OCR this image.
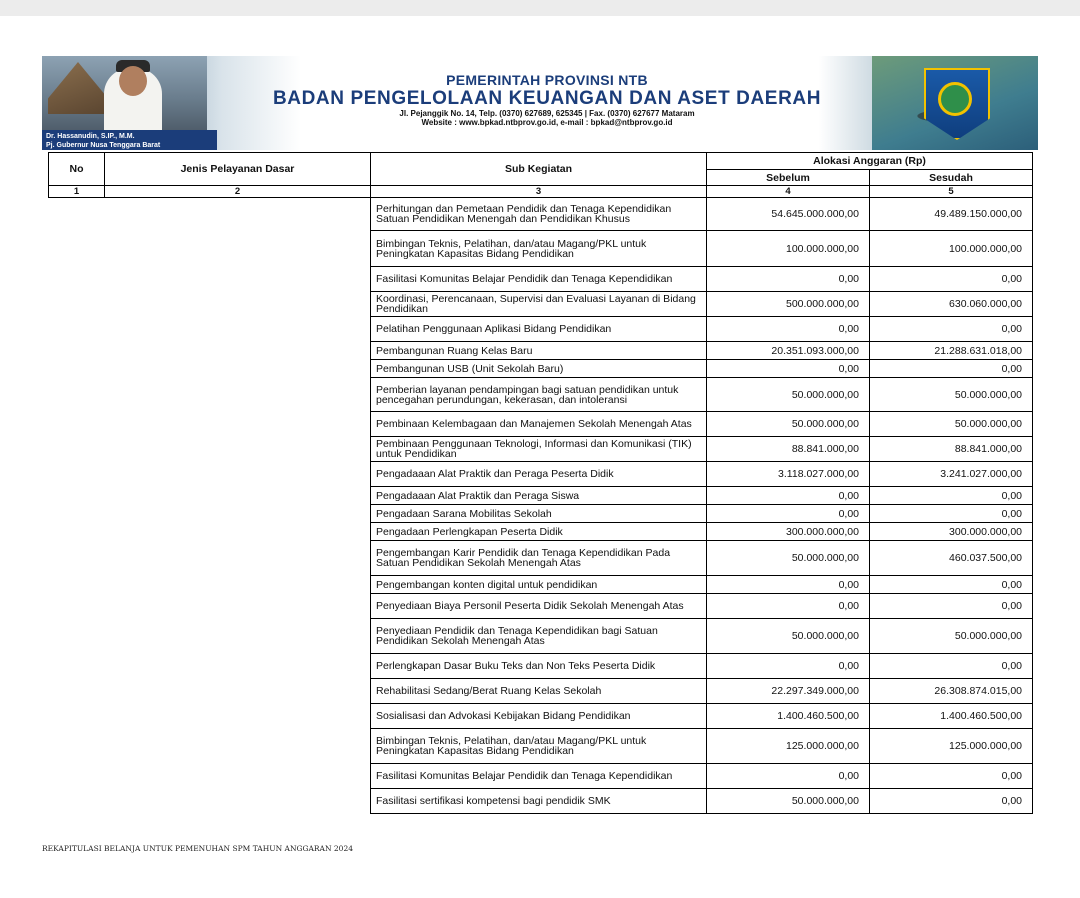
Dr. Hassanudin, S.IP., M.M.
Pj. Gubernur Nusa Tenggara Barat
PEMERINTAH PROVINSI NTB
BADAN PENGELOLAAN KEUANGAN DAN ASET DAERAH
Jl. Pejanggik No. 14, Telp. (0370) 627689, 625345 | Fax. (0370) 627677 Mataram
Website : www.bpkad.ntbprov.go.id, e-mail : bpkad@ntbprov.go.id
No	Jenis Pelayanan Dasar	Sub Kegiatan	Alokasi Anggaran (Rp)	
			Sebelum	Sesudah
1	2	3	4	5
		Perhitungan dan Pemetaan Pendidik dan Tenaga Kependidikan Satuan Pendidikan Menengah dan Pendidikan Khusus	54.645.000.000,00	49.489.150.000,00
		Bimbingan Teknis, Pelatihan, dan/atau Magang/PKL untuk Peningkatan Kapasitas Bidang Pendidikan	100.000.000,00	100.000.000,00
		Fasilitasi Komunitas Belajar Pendidik dan Tenaga Kependidikan	0,00	0,00
		Koordinasi, Perencanaan, Supervisi dan Evaluasi Layanan di Bidang Pendidikan	500.000.000,00	630.060.000,00
		Pelatihan Penggunaan Aplikasi Bidang Pendidikan	0,00	0,00
		Pembangunan Ruang Kelas Baru	20.351.093.000,00	21.288.631.018,00
		Pembangunan USB (Unit Sekolah Baru)	0,00	0,00
		Pemberian layanan pendampingan bagi satuan pendidikan untuk pencegahan perundungan, kekerasan, dan intoleransi	50.000.000,00	50.000.000,00
		Pembinaan Kelembagaan dan Manajemen Sekolah Menengah Atas	50.000.000,00	50.000.000,00
		Pembinaan Penggunaan Teknologi, Informasi dan Komunikasi (TIK) untuk Pendidikan	88.841.000,00	88.841.000,00
		Pengadaaan Alat Praktik dan Peraga Peserta Didik	3.118.027.000,00	3.241.027.000,00
		Pengadaaan Alat Praktik dan Peraga Siswa	0,00	0,00
		Pengadaan Sarana Mobilitas Sekolah	0,00	0,00
		Pengadaan Perlengkapan Peserta Didik	300.000.000,00	300.000.000,00
		Pengembangan Karir Pendidik dan Tenaga Kependidikan Pada Satuan Pendidikan Sekolah Menengah Atas	50.000.000,00	460.037.500,00
		Pengembangan konten digital untuk pendidikan	0,00	0,00
		Penyediaan Biaya Personil Peserta Didik Sekolah Menengah Atas	0,00	0,00
		Penyediaan Pendidik dan Tenaga Kependidikan bagi Satuan Pendidikan Sekolah Menengah Atas	50.000.000,00	50.000.000,00
		Perlengkapan Dasar Buku Teks dan Non Teks Peserta Didik	0,00	0,00
		Rehabilitasi Sedang/Berat Ruang Kelas Sekolah	22.297.349.000,00	26.308.874.015,00
		Sosialisasi dan Advokasi Kebijakan Bidang Pendidikan	1.400.460.500,00	1.400.460.500,00
		Bimbingan Teknis, Pelatihan, dan/atau Magang/PKL untuk Peningkatan Kapasitas Bidang Pendidikan	125.000.000,00	125.000.000,00
		Fasilitasi Komunitas Belajar Pendidik dan Tenaga Kependidikan	0,00	0,00
		Fasilitasi sertifikasi kompetensi bagi pendidik SMK	50.000.000,00	0,00
REKAPITULASI BELANJA UNTUK PEMENUHAN SPM TAHUN ANGGARAN 2024
